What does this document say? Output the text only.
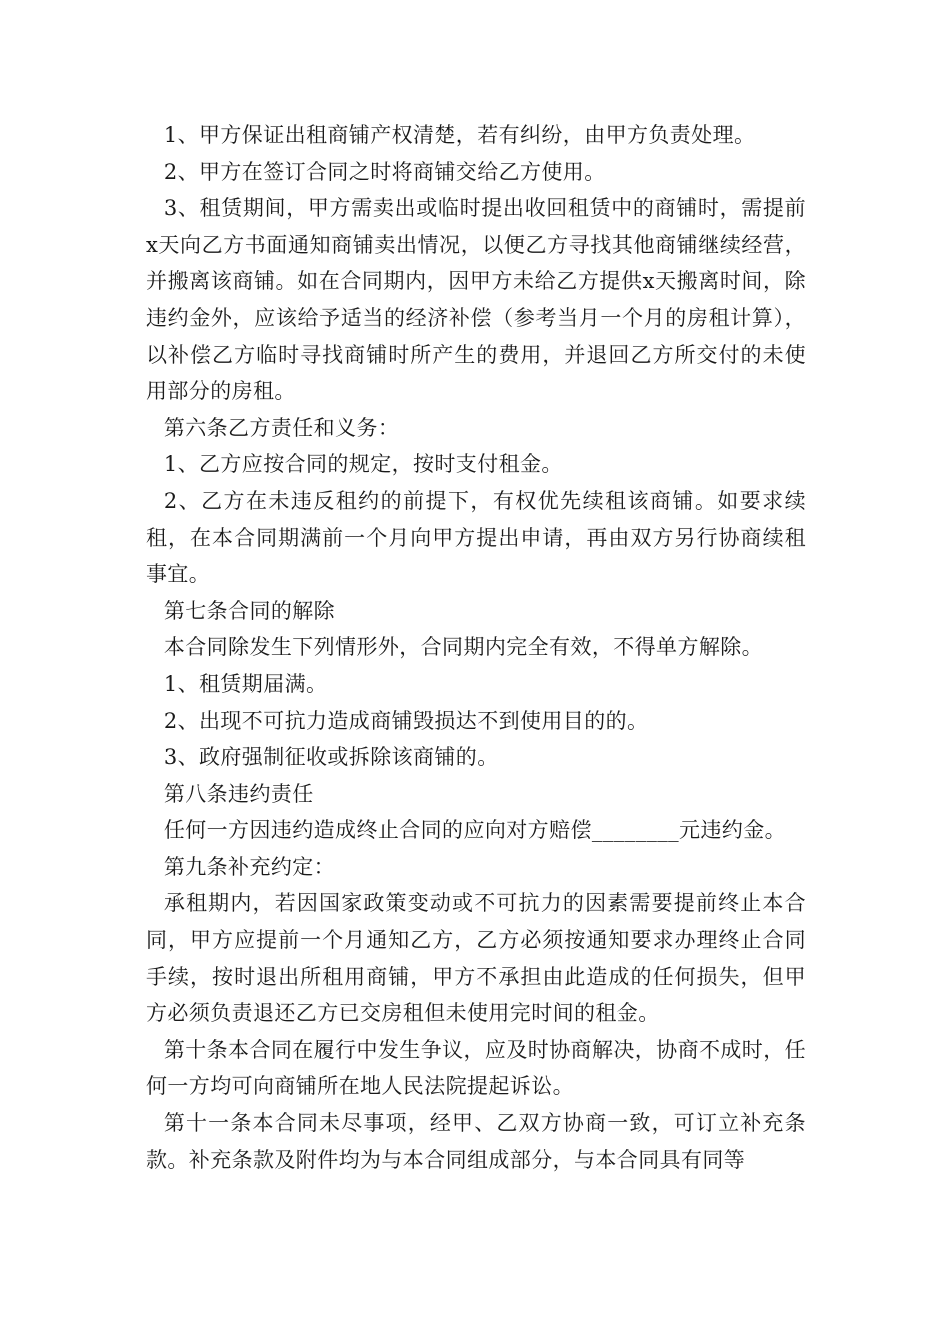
1、甲方保证出租商铺产权清楚，若有纠纷，由甲方负责处理。

2、甲方在签订合同之时将商铺交给乙方使用。

3、租赁期间，甲方需卖出或临时提出收回租赁中的商铺时，需提前x天向乙方书面通知商铺卖出情况，以便乙方寻找其他商铺继续经营，并搬离该商铺。如在合同期内，因甲方未给乙方提供x天搬离时间，除违约金外，应该给予适当的经济补偿（参考当月一个月的房租计算），以补偿乙方临时寻找商铺时所产生的费用，并退回乙方所交付的未使用部分的房租。

第六条乙方责任和义务：

1、乙方应按合同的规定，按时支付租金。

2、乙方在未违反租约的前提下，有权优先续租该商铺。如要求续租，在本合同期满前一个月向甲方提出申请，再由双方另行协商续租事宜。

第七条合同的解除

本合同除发生下列情形外，合同期内完全有效，不得单方解除。

1、租赁期届满。

2、出现不可抗力造成商铺毁损达不到使用目的的。

3、政府强制征收或拆除该商铺的。

第八条违约责任

任何一方因违约造成终止合同的应向对方赔偿________元违约金。

第九条补充约定：

承租期内，若因国家政策变动或不可抗力的因素需要提前终止本合同，甲方应提前一个月通知乙方，乙方必须按通知要求办理终止合同手续，按时退出所租用商铺，甲方不承担由此造成的任何损失，但甲方必须负责退还乙方已交房租但未使用完时间的租金。

第十条本合同在履行中发生争议，应及时协商解决，协商不成时，任何一方均可向商铺所在地人民法院提起诉讼。

第十一条本合同未尽事项，经甲、乙双方协商一致，可订立补充条款。补充条款及附件均为与本合同组成部分，与本合同具有同等
